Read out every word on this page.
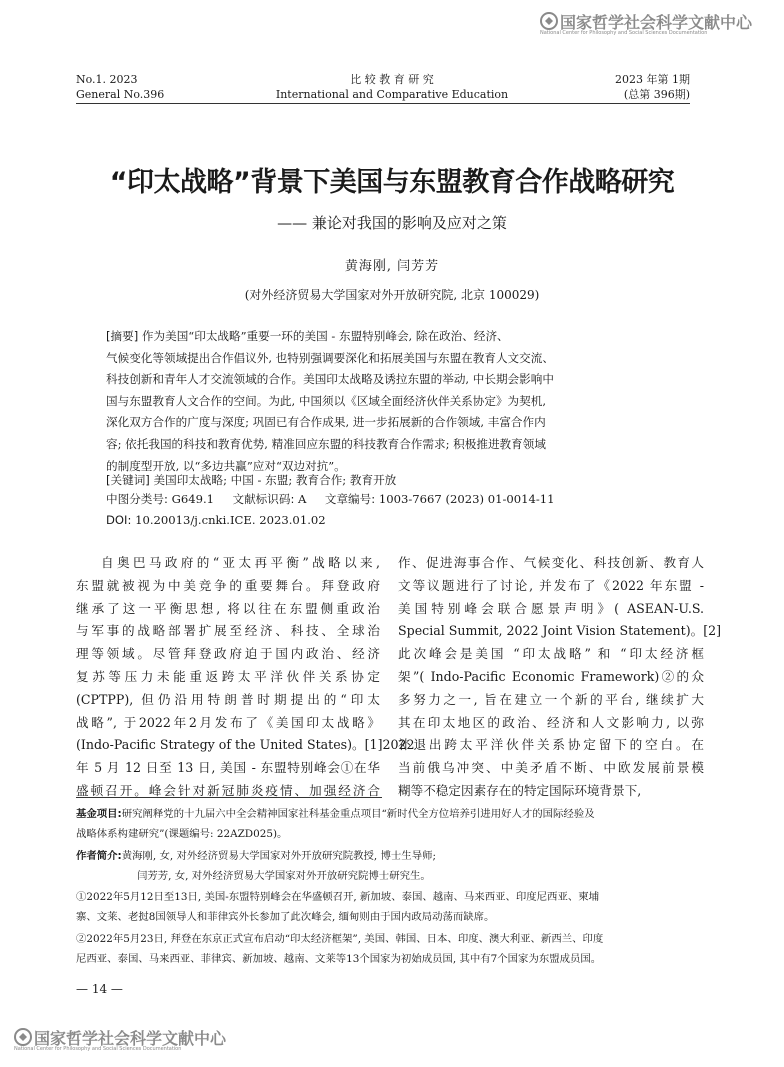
国家哲学社会科学文献中心
National Center for Philosophy and Social Sciences Documentation
No.1. 2023
General No.396
比 较 教 育 研 究
International and Comparative Education
2023 年第 1期
(总第 396期)
“印太战略”背景下美国与东盟教育合作战略研究
—— 兼论对我国的影响及应对之策
黄海刚, 闫芳芳
(对外经济贸易大学国家对外开放研究院, 北京 100029)
[摘要] 作为美国“印太战略”重要一环的美国 - 东盟特别峰会, 除在政治、经济、
气候变化等领域提出合作倡议外, 也特别强调要深化和拓展美国与东盟在教育人文交流、
科技创新和青年人才交流领域的合作。美国印太战略及诱拉东盟的举动, 中长期会影响中
国与东盟教育人文合作的空间。为此, 中国须以《区域全面经济伙伴关系协定》为契机,
深化双方合作的广度与深度; 巩固已有合作成果, 进一步拓展新的合作领域, 丰富合作内
容; 依托我国的科技和教育优势, 精准回应东盟的科技教育合作需求; 积极推进教育领域
的制度型开放, 以“多边共赢”应对“双边对抗”。
[关键词] 美国印太战略; 中国 - 东盟; 教育合作; 教育开放
中图分类号: G649.1 文献标识码: A 文章编号: 1003-7667 (2023) 01-0014-11
DOI: 10.20013/j.cnki.ICE. 2023.01.02
自奥巴马政府的“亚太再平衡”战略以来,
东盟就被视为中美竞争的重要舞台。拜登政府
继承了这一平衡思想, 将以往在东盟侧重政治
与军事的战略部署扩展至经济、科技、全球治
理等领域。尽管拜登政府迫于国内政治、经济
复苏等压力未能重返跨太平洋伙伴关系协定
(CPTPP), 但仍沿用特朗普时期提出的“印太
战略”, 于2022年2月发布了《美国印太战略》
(Indo-Pacific Strategy of the United States)。[1]2022
年 5 月 12 日至 13 日, 美国 - 东盟特别峰会①在华
盛顿召开。峰会针对新冠肺炎疫情、加强经济合
作、促进海事合作、气候变化、科技创新、教育人
文等议题进行了讨论, 并发布了《2022 年东盟 -
美国特别峰会联合愿景声明》( ASEAN-U.S.
Special Summit, 2022 Joint Vision Statement)。[2]
此次峰会是美国 “印太战略” 和 “印太经济框
架”( Indo-Pacific Economic Framework)②的众
多努力之一, 旨在建立一个新的平台, 继续扩大
其在印太地区的政治、经济和人文影响力, 以弥
补退出跨太平洋伙伴关系协定留下的空白。在
当前俄乌冲突、中美矛盾不断、中欧发展前景模
糊等不稳定因素存在的特定国际环境背景下,
基金项目:研究阐释党的十九届六中全会精神国家社科基金重点项目“新时代全方位培养引进用好人才的国际经验及
战略体系构建研究”(课题编号: 22AZD025)。
作者简介:黄海刚, 女, 对外经济贸易大学国家对外开放研究院教授, 博士生导师;
闫芳芳, 女, 对外经济贸易大学国家对外开放研究院博士研究生。
①2022年5月12日至13日, 美国-东盟特别峰会在华盛顿召开, 新加坡、泰国、越南、马来西亚、印度尼西亚、柬埔
寨、文莱、老挝8国领导人和菲律宾外长参加了此次峰会, 缅甸则由于国内政局动荡而缺席。
②2022年5月23日, 拜登在东京正式宣布启动“印太经济框架”, 美国、韩国、日本、印度、澳大利亚、新西兰、印度
尼西亚、泰国、马来西亚、菲律宾、新加坡、越南、文莱等13个国家为初始成员国, 其中有7个国家为东盟成员国。
— 14 —
国家哲学社会科学文献中心
National Center for Philosophy and Social Sciences Documentation
